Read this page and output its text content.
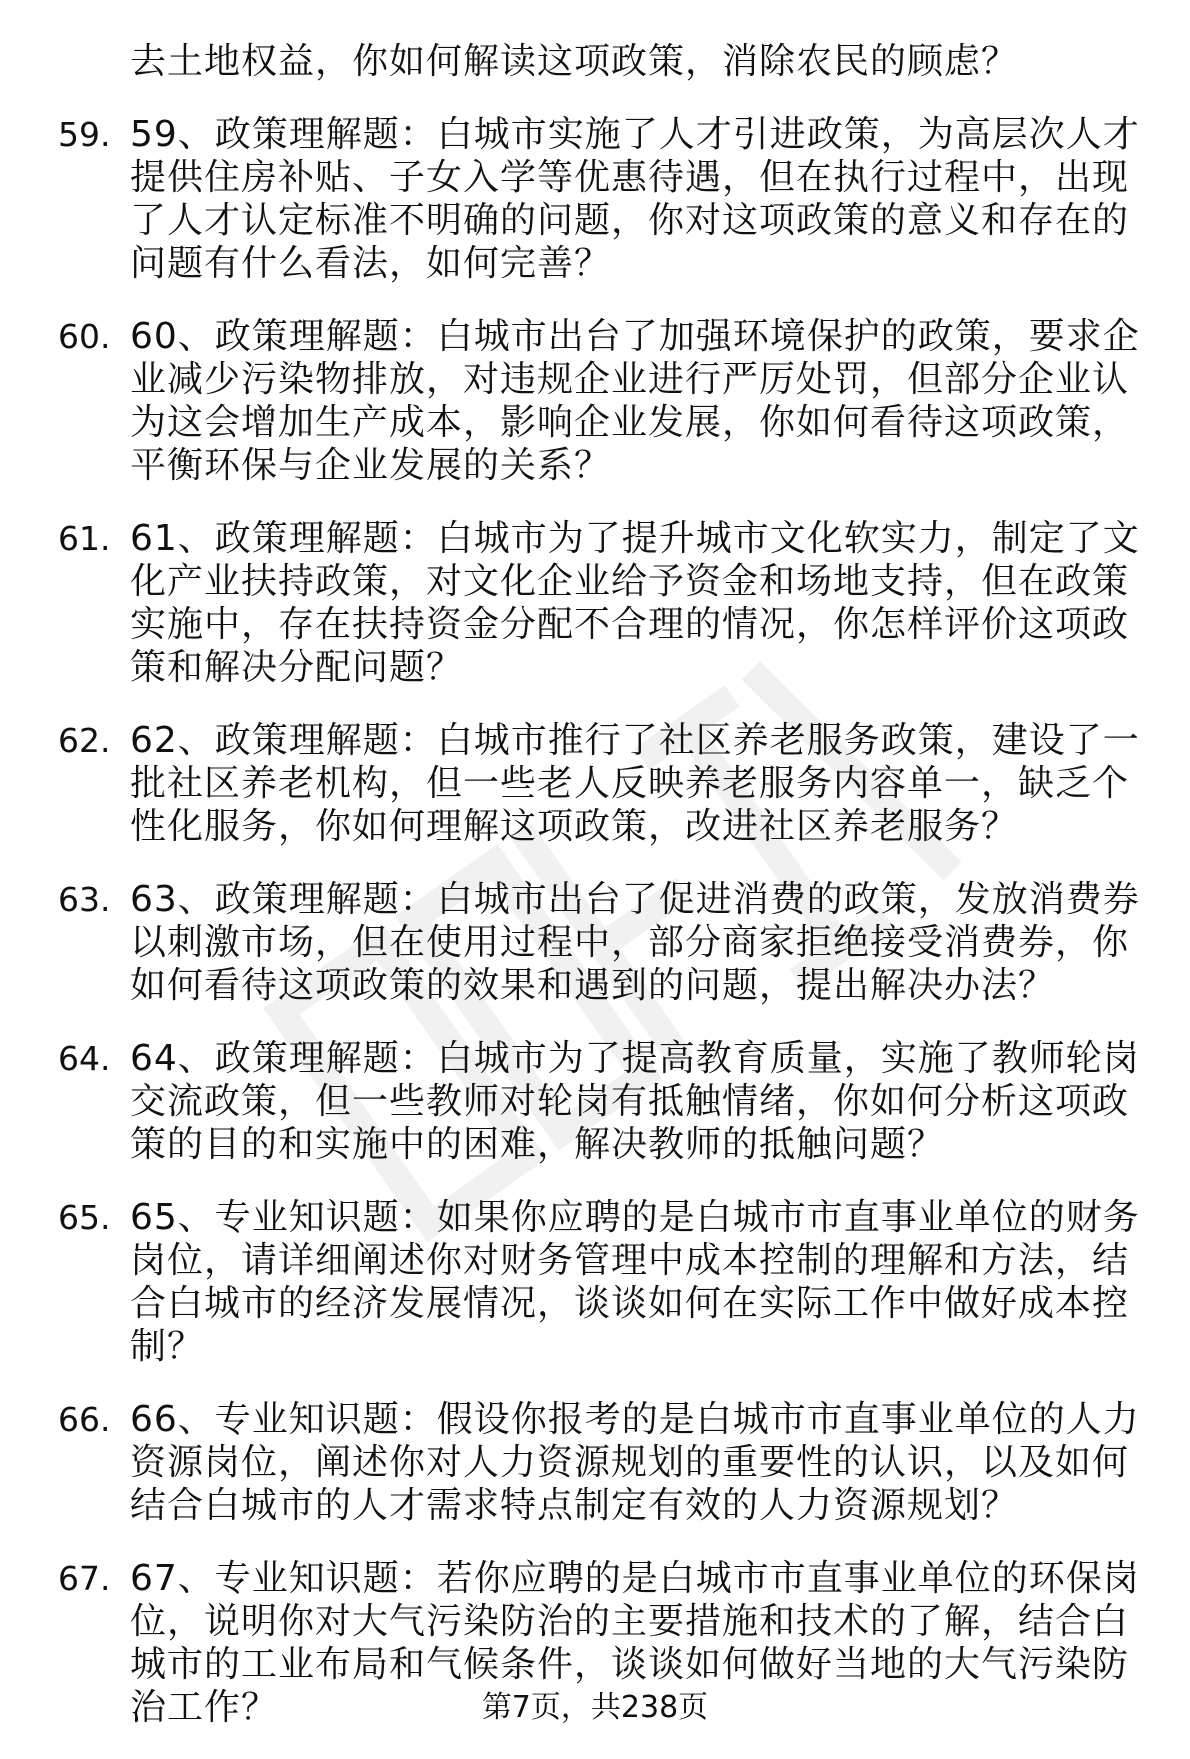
去土地权益，你如何解读这项政策，消除农民的顾虑？
59. 59、政策理解题：白城市实施了人才引进政策，为高层次人才提供住房补贴、子女入学等优惠待遇，但在执行过程中，出现了人才认定标准不明确的问题，你对这项政策的意义和存在的问题有什么看法，如何完善？
60. 60、政策理解题：白城市出台了加强环境保护的政策，要求企业减少污染物排放，对违规企业进行严厉处罚，但部分企业认为这会增加生产成本，影响企业发展，你如何看待这项政策，平衡环保与企业发展的关系？
61. 61、政策理解题：白城市为了提升城市文化软实力，制定了文化产业扶持政策，对文化企业给予资金和场地支持，但在政策实施中，存在扶持资金分配不合理的情况，你怎样评价这项政策和解决分配问题？
62. 62、政策理解题：白城市推行了社区养老服务政策，建设了一批社区养老机构，但一些老人反映养老服务内容单一，缺乏个性化服务，你如何理解这项政策，改进社区养老服务？
63. 63、政策理解题：白城市出台了促进消费的政策，发放消费券以刺激市场，但在使用过程中，部分商家拒绝接受消费券，你如何看待这项政策的效果和遇到的问题，提出解决办法？
64. 64、政策理解题：白城市为了提高教育质量，实施了教师轮岗交流政策，但一些教师对轮岗有抵触情绪，你如何分析这项政策的目的和实施中的困难，解决教师的抵触问题？
65. 65、专业知识题：如果你应聘的是白城市市直事业单位的财务岗位，请详细阐述你对财务管理中成本控制的理解和方法，结合白城市的经济发展情况，谈谈如何在实际工作中做好成本控制？
66. 66、专业知识题：假设你报考的是白城市市直事业单位的人力资源岗位，阐述你对人力资源规划的重要性的认识，以及如何结合白城市的人才需求特点制定有效的人力资源规划？
67. 67、专业知识题：若你应聘的是白城市市直事业单位的环保岗位，说明你对大气污染防治的主要措施和技术的了解，结合白城市的工业布局和气候条件，谈谈如何做好当地的大气污染防治工作？	第7页，共238页
